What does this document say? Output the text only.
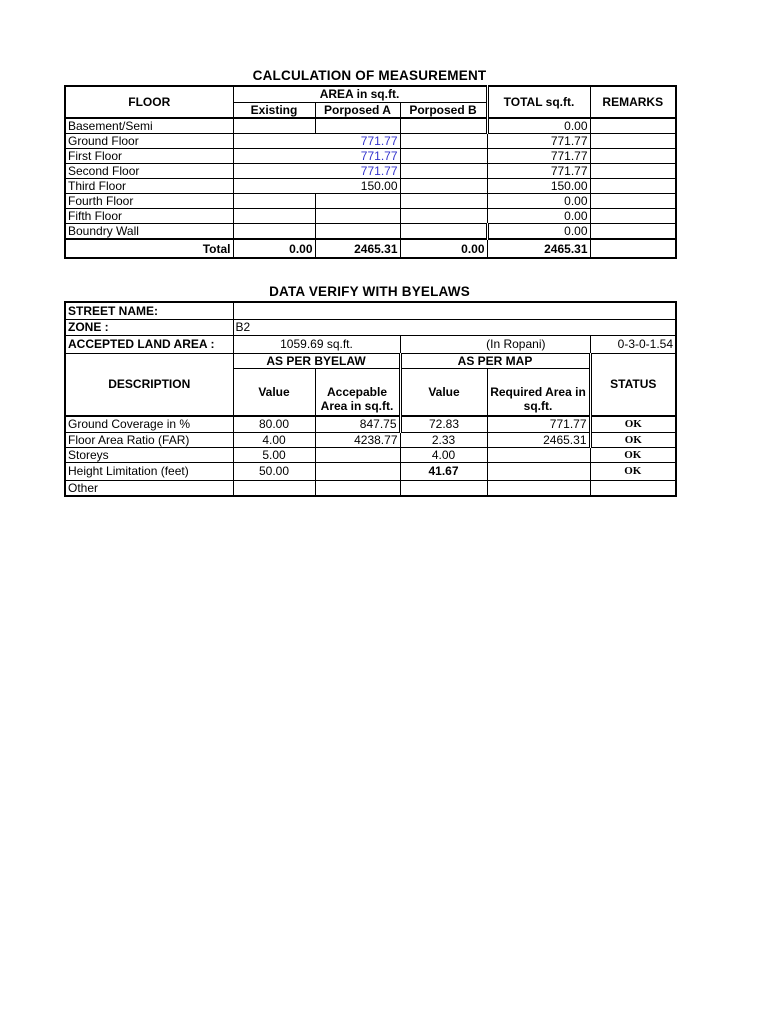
CALCULATION OF MEASUREMENT
FLOOR	AREA in sq.ft.			TOTAL sq.ft.	REMARKS
	Existing	Porposed A	Porposed B		
Basement/Semi				0.00	
Ground Floor	771.77			771.77	
First Floor	771.77			771.77	
Second Floor	771.77			771.77	
Third Floor	150.00			150.00	
Fourth Floor				0.00	
Fifth Floor				0.00	
Boundry Wall				0.00	
Total	0.00	2465.31	0.00	2465.31	
DATA VERIFY WITH BYELAWS
STREET NAME:					
ZONE :	B2				
ACCEPTED LAND AREA :	1059.69 sq.ft.		(In Ropani)		0-3-0-1.54
DESCRIPTION	AS PER BYELAW		AS PER MAP		STATUS
	Value	Accepable Area in sq.ft.	Value	Required Area in sq.ft.	
Ground Coverage in %	80.00	847.75	72.83	771.77	OK
Floor Area Ratio (FAR)	4.00	4238.77	2.33	2465.31	OK
Storeys	5.00		4.00		OK
Height Limitation (feet)	50.00		41.67		OK
Other					
